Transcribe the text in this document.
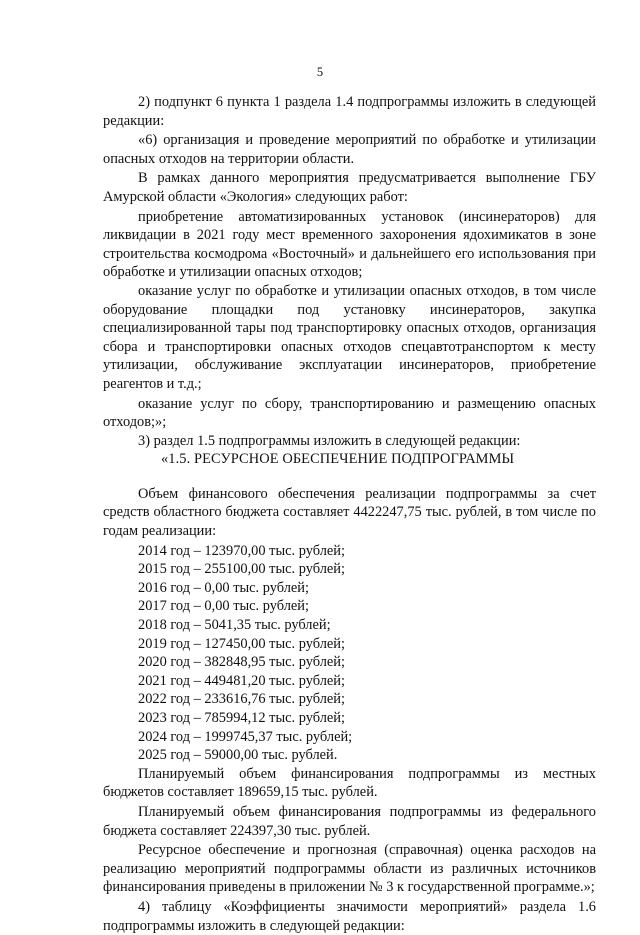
5

2) подпункт 6 пункта 1 раздела 1.4 подпрограммы изложить в следующей редакции:

«6) организация и проведение мероприятий по обработке и утилизации опасных отходов на территории области.

В рамках данного мероприятия предусматривается выполнение ГБУ Амурской области «Экология» следующих работ:

приобретение автоматизированных установок (инсинераторов) для ликвидации в 2021 году мест временного захоронения ядохимикатов в зоне строительства космодрома «Восточный» и дальнейшего его использования при обработке и утилизации опасных отходов;

оказание услуг по обработке и утилизации опасных отходов, в том числе оборудование площадки под установку инсинераторов, закупка специализированной тары под транспортировку опасных отходов, организация сбора и транспортировки опасных отходов спецавтотранспортом к месту утилизации, обслуживание эксплуатации инсинераторов, приобретение реагентов и т.д.;

оказание услуг по сбору, транспортированию и размещению опасных отходов;»;

3) раздел 1.5 подпрограммы изложить в следующей редакции:

«1.5. РЕСУРСНОЕ ОБЕСПЕЧЕНИЕ ПОДПРОГРАММЫ

Объем финансового обеспечения реализации подпрограммы за счет средств областного бюджета составляет 4422247,75 тыс. рублей, в том числе по годам реализации:

2014 год – 123970,00 тыс. рублей;

2015 год – 255100,00 тыс. рублей;

2016 год – 0,00 тыс. рублей;

2017 год – 0,00 тыс. рублей;

2018 год – 5041,35 тыс. рублей;

2019 год – 127450,00 тыс. рублей;

2020 год – 382848,95 тыс. рублей;

2021 год – 449481,20 тыс. рублей;

2022 год – 233616,76 тыс. рублей;

2023 год – 785994,12 тыс. рублей;

2024 год – 1999745,37 тыс. рублей;

2025 год – 59000,00 тыс. рублей.

Планируемый объем финансирования подпрограммы из местных бюджетов составляет 189659,15 тыс. рублей.

Планируемый объем финансирования подпрограммы из федерального бюджета составляет 224397,30 тыс. рублей.

Ресурсное обеспечение и прогнозная (справочная) оценка расходов на реализацию мероприятий подпрограммы области из различных источников финансирования приведены в приложении № 3 к государственной программе.»;

4) таблицу «Коэффициенты значимости мероприятий» раздела 1.6 подпрограммы изложить в следующей редакции:
